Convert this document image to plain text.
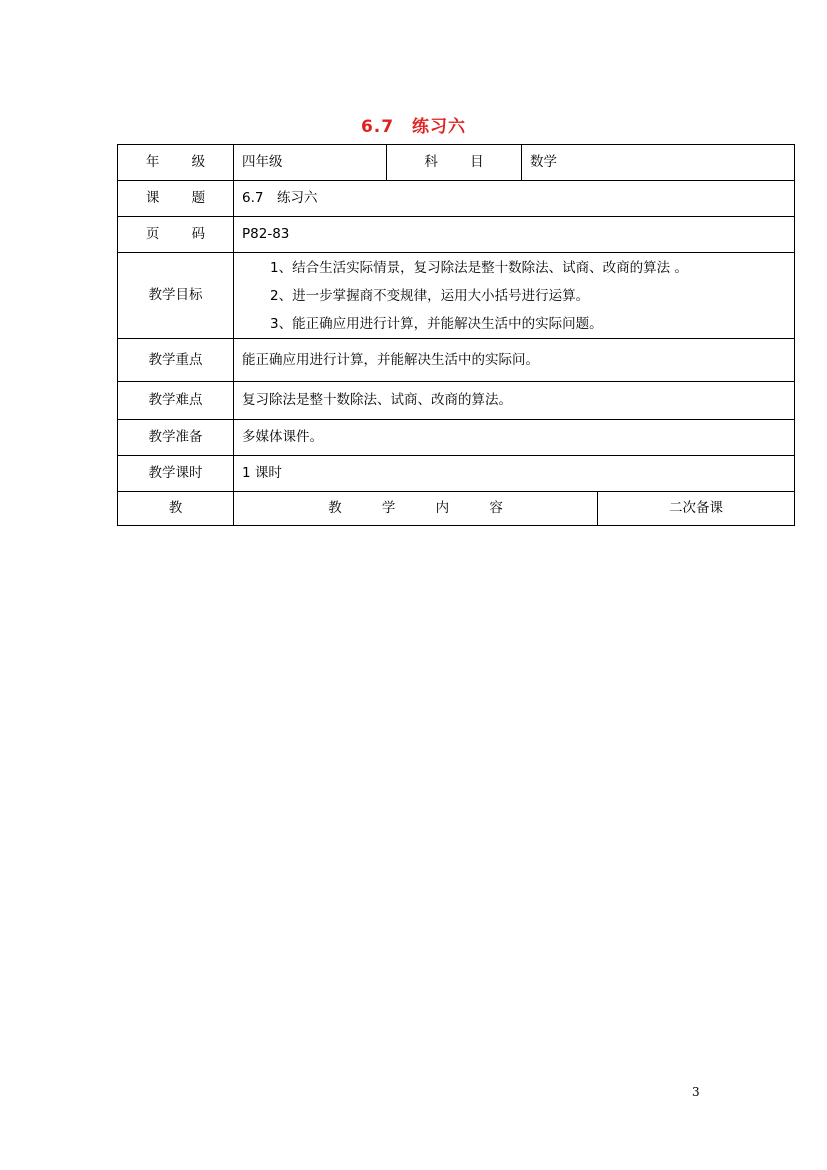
6.7　练习六
年 级	四年级	科 目	数学	
课 题	6.7　练习六			
页 码	P82-83			
教学目标	1、结合生活实际情景，复习除法是整十数除法、试商、改商的算法 。
2、进一步掌握商不变规律，运用大小括号进行运算。
3、能正确应用进行计算，并能解决生活中的实际问题。			

教学重点	能正确应用进行计算，并能解决生活中的实际问。			
教学难点	复习除法是整十数除法、试商、改商的算法。			
教学准备	多媒体课件。			
教学课时	1 课时			
教	教 学 内 容			二次备课
3
